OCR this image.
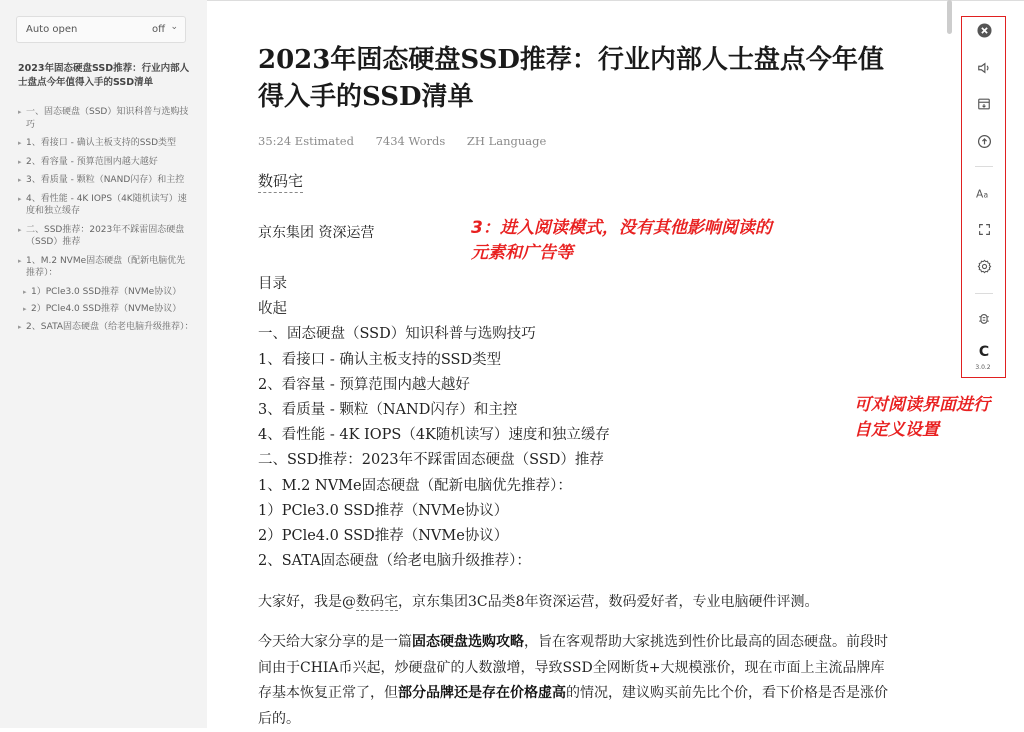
Auto open	off ⌄
2023年固态硬盘SSD推荐：行业内部人士盘点今年值得入手的SSD清单
▸ 一、固态硬盘（SSD）知识科普与选购技巧
▸ 1、看接口 - 确认主板支持的SSD类型
▸ 2、看容量 - 预算范围内越大越好
▸ 3、看质量 - 颗粒（NAND闪存）和主控
▸ 4、看性能 - 4K IOPS（4K随机读写）速度和独立缓存
▸ 二、SSD推荐：2023年不踩雷固态硬盘（SSD）推荐
▸ 1、M.2 NVMe固态硬盘（配新电脑优先推荐）：
▸ 1）PCle3.0 SSD推荐（NVMe协议）
▸ 2）PCle4.0 SSD推荐（NVMe协议）
▸ 2、SATA固态硬盘（给老电脑升级推荐）：
2023年固态硬盘SSD推荐：行业内部人士盘点今年值得入手的SSD清单
35:24 Estimated 7434 Words ZH Language
数码宅
京东集团 资深运营
目录
收起
一、固态硬盘（SSD）知识科普与选购技巧
1、看接口 - 确认主板支持的SSD类型
2、看容量 - 预算范围内越大越好
3、看质量 - 颗粒（NAND闪存）和主控
4、看性能 - 4K IOPS（4K随机读写）速度和独立缓存
二、SSD推荐：2023年不踩雷固态硬盘（SSD）推荐
1、M.2 NVMe固态硬盘（配新电脑优先推荐）：
1）PCle3.0 SSD推荐（NVMe协议）
2）PCle4.0 SSD推荐（NVMe协议）
2、SATA固态硬盘（给老电脑升级推荐）：
大家好，我是@数码宅，京东集团3C品类8年资深运营，数码爱好者，专业电脑硬件评测。
今天给大家分享的是一篇固态硬盘选购攻略，旨在客观帮助大家挑选到性价比最高的固态硬盘。前段时间由于CHIA币兴起，炒硬盘矿的人数激增，导致SSD全网断货+大规模涨价，现在市面上主流品牌库存基本恢复正常了，但部分品牌还是存在价格虚高的情况，建议购买前先比个价，看下价格是否是涨价后的。
3：进入阅读模式，没有其他影响阅读的
元素和广告等
可对阅读界面进行
自定义设置
A a
C
3.0.2
